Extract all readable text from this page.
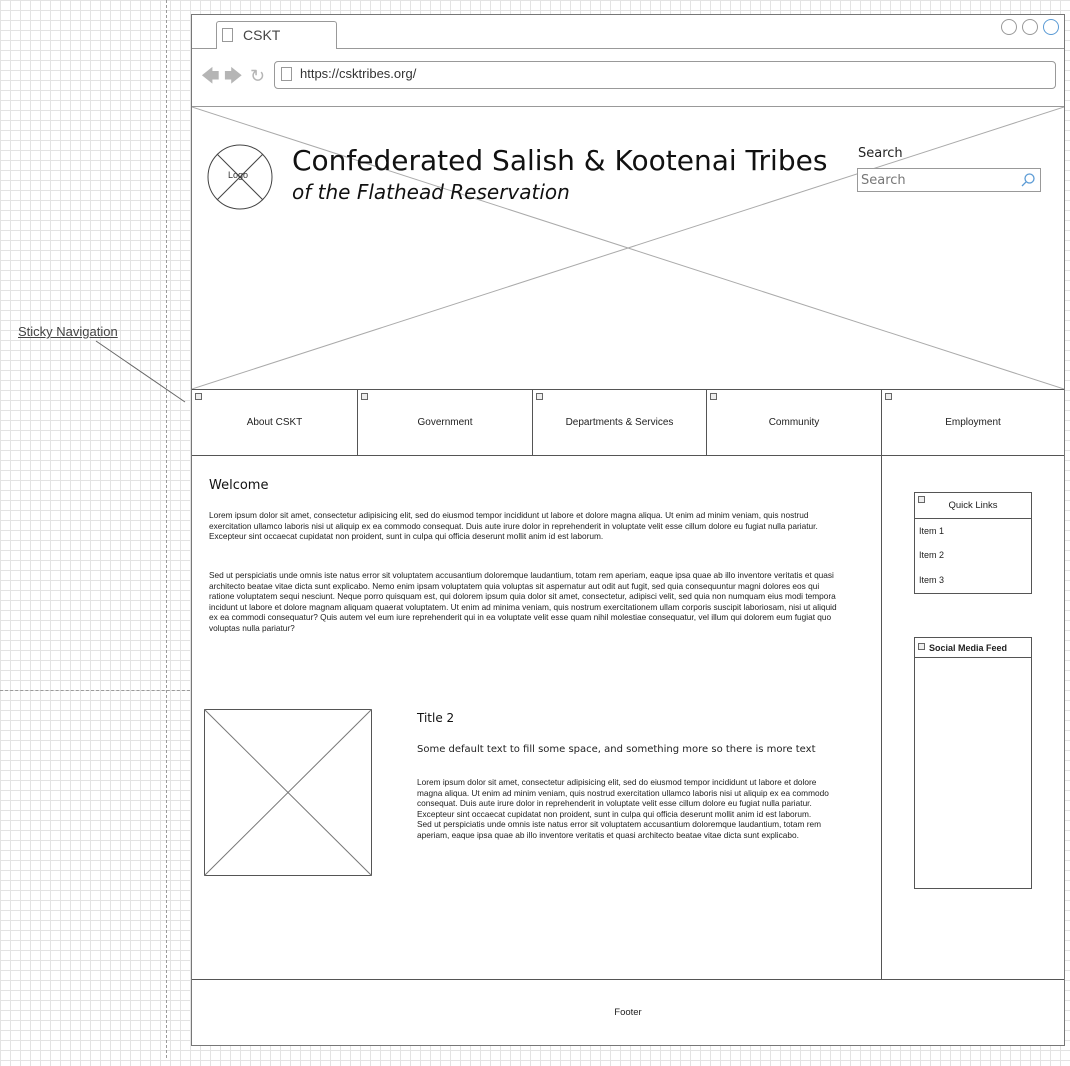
Sticky Navigation
CSKT
🡄 🡆 ↻	https://csktribes.org/
Logo Confederated Salish & Kootenai Tribes
of the Flathead Reservation
Search
Search
About CSKT	Government	Departments & Services	Community	Employment
Welcome
Lorem ipsum dolor sit amet, consectetur adipisicing elit, sed do eiusmod tempor incididunt ut labore et dolore magna aliqua. Ut enim ad minim veniam, quis nostrud exercitation ullamco laboris nisi ut aliquip ex ea commodo consequat. Duis aute irure dolor in reprehenderit in voluptate velit esse cillum dolore eu fugiat nulla pariatur. Excepteur sint occaecat cupidatat non proident, sunt in culpa qui officia deserunt mollit anim id est laborum.
Sed ut perspiciatis unde omnis iste natus error sit voluptatem accusantium doloremque laudantium, totam rem aperiam, eaque ipsa quae ab illo inventore veritatis et quasi architecto beatae vitae dicta sunt explicabo. Nemo enim ipsam voluptatem quia voluptas sit aspernatur aut odit aut fugit, sed quia consequuntur magni dolores eos qui ratione voluptatem sequi nesciunt. Neque porro quisquam est, qui dolorem ipsum quia dolor sit amet, consectetur, adipisci velit, sed quia non numquam eius modi tempora incidunt ut labore et dolore magnam aliquam quaerat voluptatem. Ut enim ad minima veniam, quis nostrum exercitationem ullam corporis suscipit laboriosam, nisi ut aliquid ex ea commodi consequatur? Quis autem vel eum iure reprehenderit qui in ea voluptate velit esse quam nihil molestiae consequatur, vel illum qui dolorem eum fugiat quo voluptas nulla pariatur?
Title 2
Some default text to fill some space, and something more so there is more text
Lorem ipsum dolor sit amet, consectetur adipisicing elit, sed do eiusmod tempor incididunt ut labore et dolore magna aliqua. Ut enim ad minim veniam, quis nostrud exercitation ullamco laboris nisi ut aliquip ex ea commodo consequat. Duis aute irure dolor in reprehenderit in voluptate velit esse cillum dolore eu fugiat nulla pariatur. Excepteur sint occaecat cupidatat non proident, sunt in culpa qui officia deserunt mollit anim id est laborum.
Sed ut perspiciatis unde omnis iste natus error sit voluptatem accusantium doloremque laudantium, totam rem aperiam, eaque ipsa quae ab illo inventore veritatis et quasi architecto beatae vitae dicta sunt explicabo.
Quick Links
Item 1
Item 2
Item 3
Social Media Feed
Footer
